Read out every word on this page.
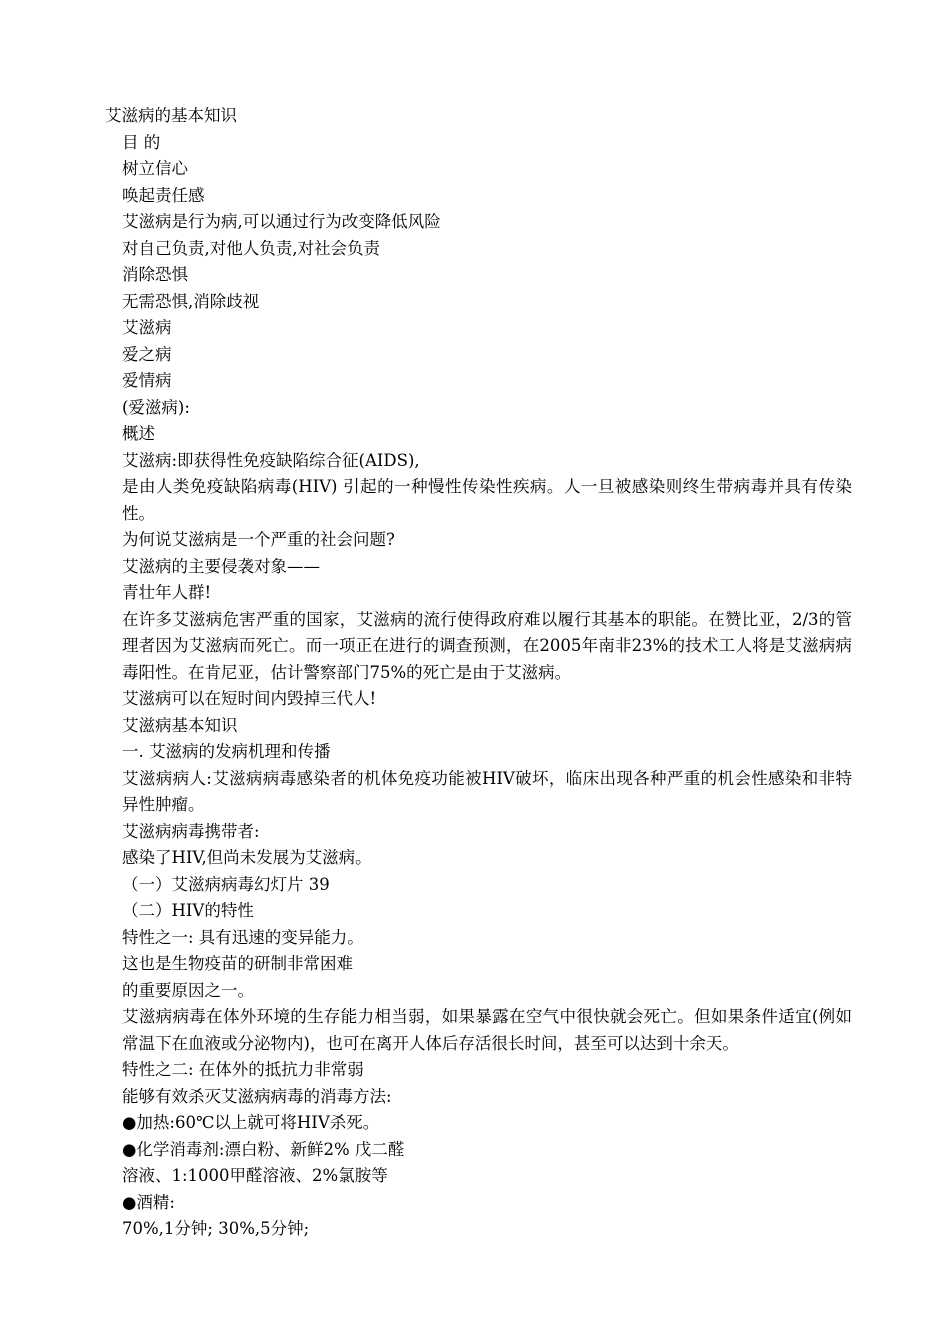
艾滋病的基本知识
目 的
树立信心
唤起责任感
艾滋病是行为病,可以通过行为改变降低风险
对自己负责,对他人负责,对社会负责
消除恐惧
无需恐惧,消除歧视
艾滋病
爱之病
爱情病
(爱滋病):
概述
艾滋病:即获得性免疫缺陷综合征(AIDS),
是由人类免疫缺陷病毒(HIV) 引起的一种慢性传染性疾病。人一旦被感染则终生带病毒并具有传染性。
为何说艾滋病是一个严重的社会问题?
艾滋病的主要侵袭对象——
青壮年人群!
在许多艾滋病危害严重的国家，艾滋病的流行使得政府难以履行其基本的职能。在赞比亚，2/3的管理者因为艾滋病而死亡。而一项正在进行的调查预测，在2005年南非23%的技术工人将是艾滋病病毒阳性。在肯尼亚，估计警察部门75%的死亡是由于艾滋病。
艾滋病可以在短时间内毁掉三代人!
艾滋病基本知识
一. 艾滋病的发病机理和传播
艾滋病病人:艾滋病病毒感染者的机体免疫功能被HIV破坏，临床出现各种严重的机会性感染和非特异性肿瘤。
艾滋病病毒携带者:
感染了HIV,但尚未发展为艾滋病。
（一）艾滋病病毒幻灯片 39
（二）HIV的特性
特性之一: 具有迅速的变异能力。
这也是生物疫苗的研制非常困难
的重要原因之一。
艾滋病病毒在体外环境的生存能力相当弱，如果暴露在空气中很快就会死亡。但如果条件适宜(例如常温下在血液或分泌物内)，也可在离开人体后存活很长时间，甚至可以达到十余天。
特性之二: 在体外的抵抗力非常弱
能够有效杀灭艾滋病病毒的消毒方法:
●加热:60℃以上就可将HIV杀死。
●化学消毒剂:漂白粉、新鲜2% 戊二醛
溶液、1:1000甲醛溶液、2%氯胺等
●酒精:
70%,1分钟; 30%,5分钟;
